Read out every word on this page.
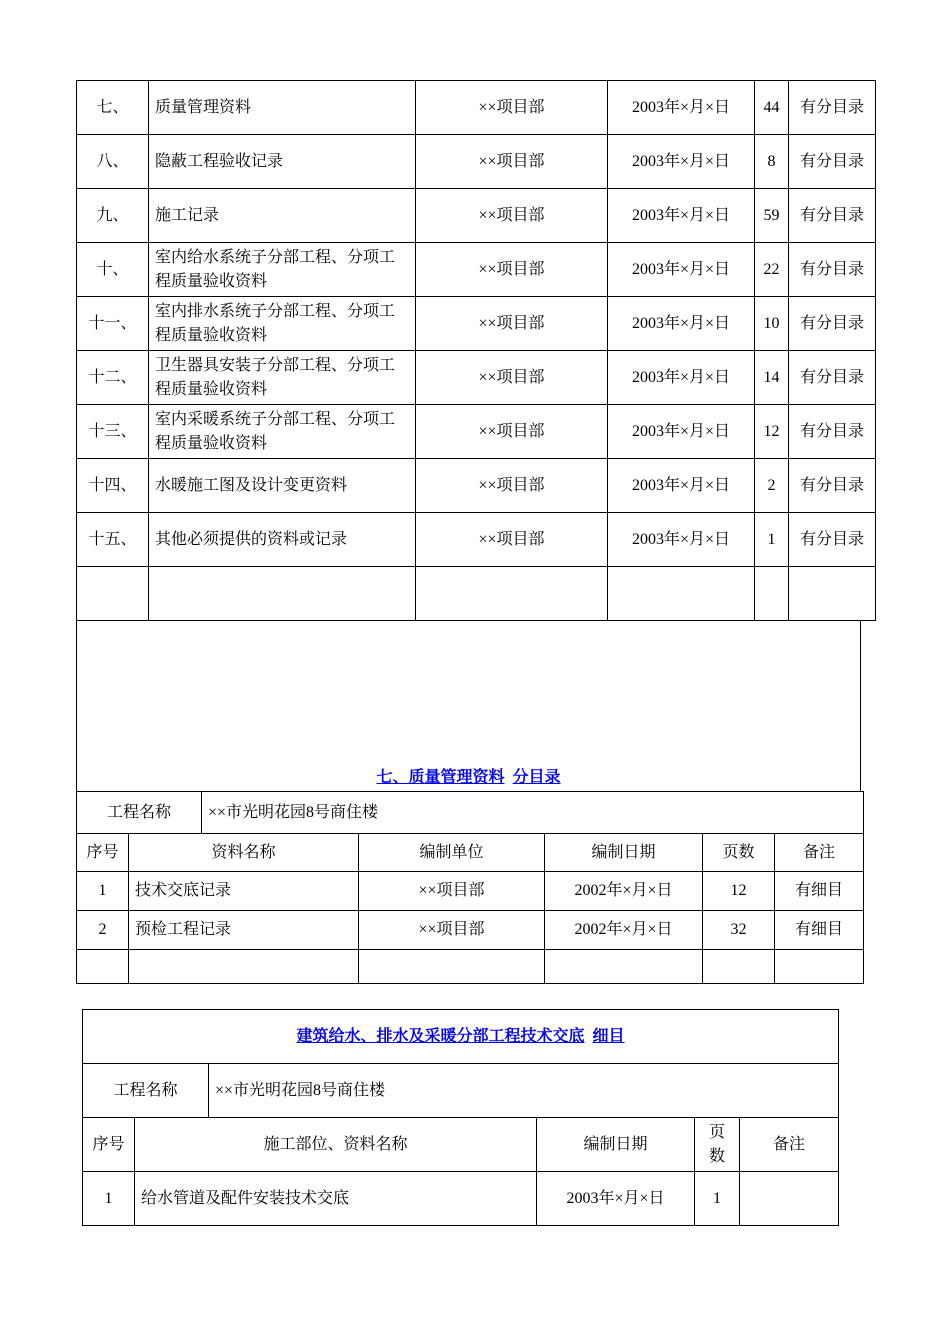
七、	质量管理资料	××项目部	2003年×月×日	44	有分目录
八、	隐蔽工程验收记录	××项目部	2003年×月×日	8	有分目录
九、	施工记录	××项目部	2003年×月×日	59	有分目录
十、	室内给水系统子分部工程、分项工程质量验收资料	××项目部	2003年×月×日	22	有分目录
十一、	室内排水系统子分部工程、分项工程质量验收资料	××项目部	2003年×月×日	10	有分目录
十二、	卫生器具安装子分部工程、分项工程质量验收资料	××项目部	2003年×月×日	14	有分目录
十三、	室内采暖系统子分部工程、分项工程质量验收资料	××项目部	2003年×月×日	12	有分目录
十四、	水暖施工图及设计变更资料	××项目部	2003年×月×日	2	有分目录
十五、	其他必须提供的资料或记录	××项目部	2003年×月×日	1	有分目录

七、质量管理资料 分目录
工程名称	××市光明花园8号商住楼
序号	资料名称	编制单位	编制日期	页数	备注
1	技术交底记录	××项目部	2002年×月×日	12	有细目
2	预检工程记录	××项目部	2002年×月×日	32	有细目

建筑给水、排水及采暖分部工程技术交底 细目					
工程名称		××市光明花园8号商住楼			
序号	施工部位、资料名称		编制日期	页数	备注
1	给水管道及配件安装技术交底		2003年×月×日	1	
